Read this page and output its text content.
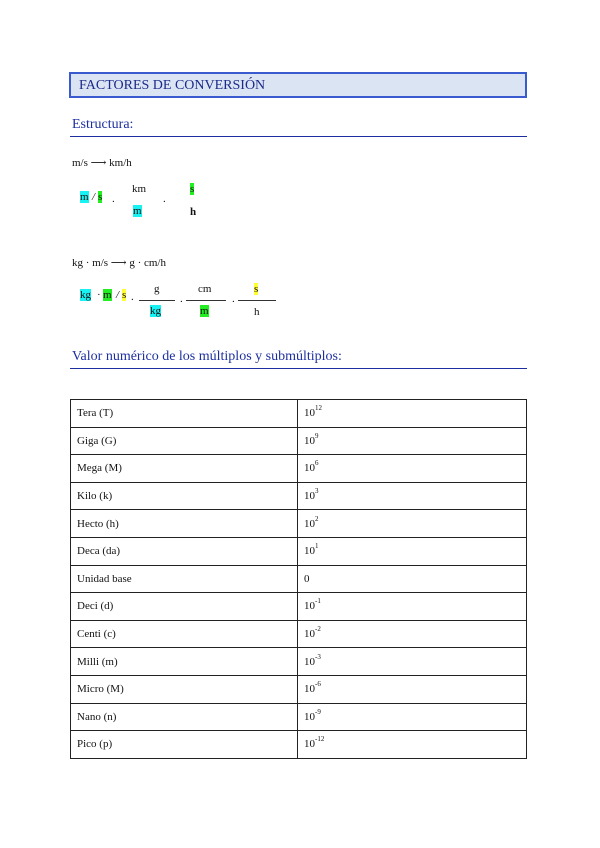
FACTORES DE CONVERSIÓN
Estructura:
m/s ⟶ km/h
m / s .
km
m
.
s
h
kg · m/s ⟶ g · cm/h
kg · m / s .
g
kg
.
cm
m
.
s
h
Valor numérico de los múltiplos y submúltiplos:
Tera (T)	$10^{12}$
Giga (G)	$10^9$
Mega (M)	$10^6$
Kilo (k)	$10^3$
Hecto (h)	$10^2$
Deca (da)	$10^1$
Unidad base	0
Deci (d)	$10^{-1}$
Centi (c)	$10^{-2}$
Milli (m)	$10^{-3}$
Micro (M)	$10^{-6}$
Nano (n)	$10^{-9}$
Pico (p)	$10^{-12}$
